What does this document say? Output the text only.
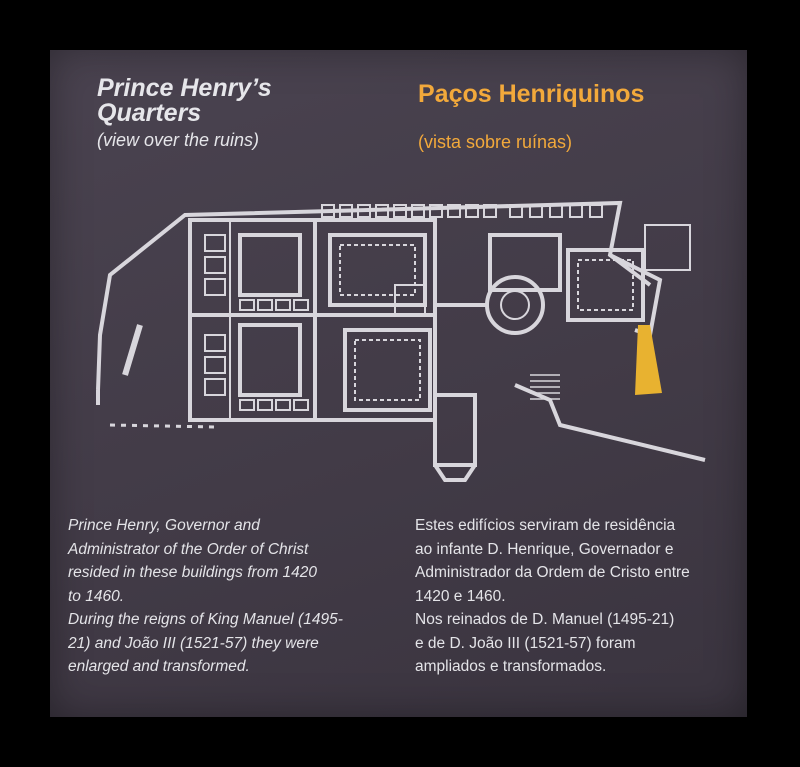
Prince Henry’s Quarters
(view over the ruins)
Paços Henriquinos
(vista sobre ruínas)
Prince Henry, Governor and
Administrator of the Order of Christ
resided in these buildings from 1420
to 1460.
During the reigns of King Manuel (1495-
21) and João III (1521-57) they were
enlarged and transformed.
Estes edifícios serviram de residência
ao infante D. Henrique, Governador e
Administrador da Ordem de Cristo entre
1420 e 1460.
Nos reinados de D. Manuel (1495-21)
e de D. João III (1521-57) foram
ampliados e transformados.
